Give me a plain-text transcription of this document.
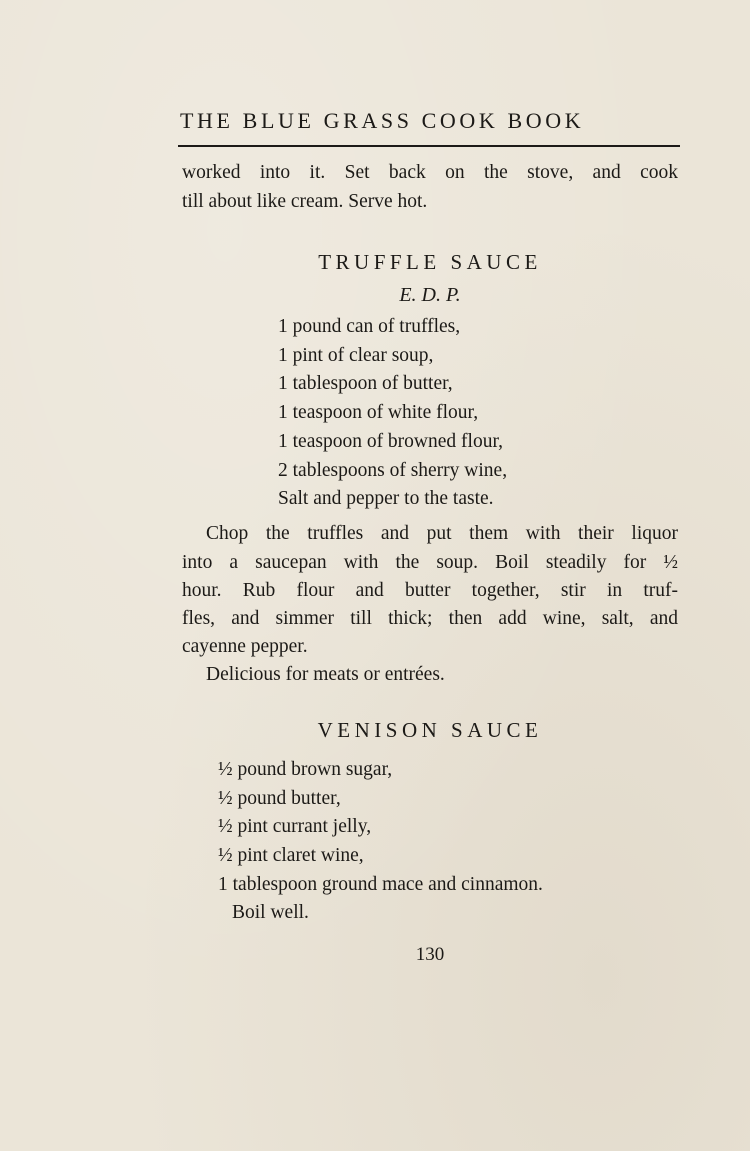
THE BLUE GRASS COOK BOOK

worked into it. Set back on the stove, and cook

till about like cream. Serve hot.

TRUFFLE SAUCE

E. D. P.

1 pound can of truffles,
1 pint of clear soup,
1 tablespoon of butter,
1 teaspoon of white flour,
1 teaspoon of browned flour,
2 tablespoons of sherry wine,
Salt and pepper to the taste.

Chop the truffles and put them with their liquor

into a saucepan with the soup. Boil steadily for ½

hour. Rub flour and butter together, stir in truf-

fles, and simmer till thick; then add wine, salt, and

cayenne pepper.

Delicious for meats or entrées.

VENISON SAUCE
½ pound brown sugar,
½ pound butter,
½ pint currant jelly,
½ pint claret wine,
1 tablespoon ground mace and cinnamon.

Boil well.

130
